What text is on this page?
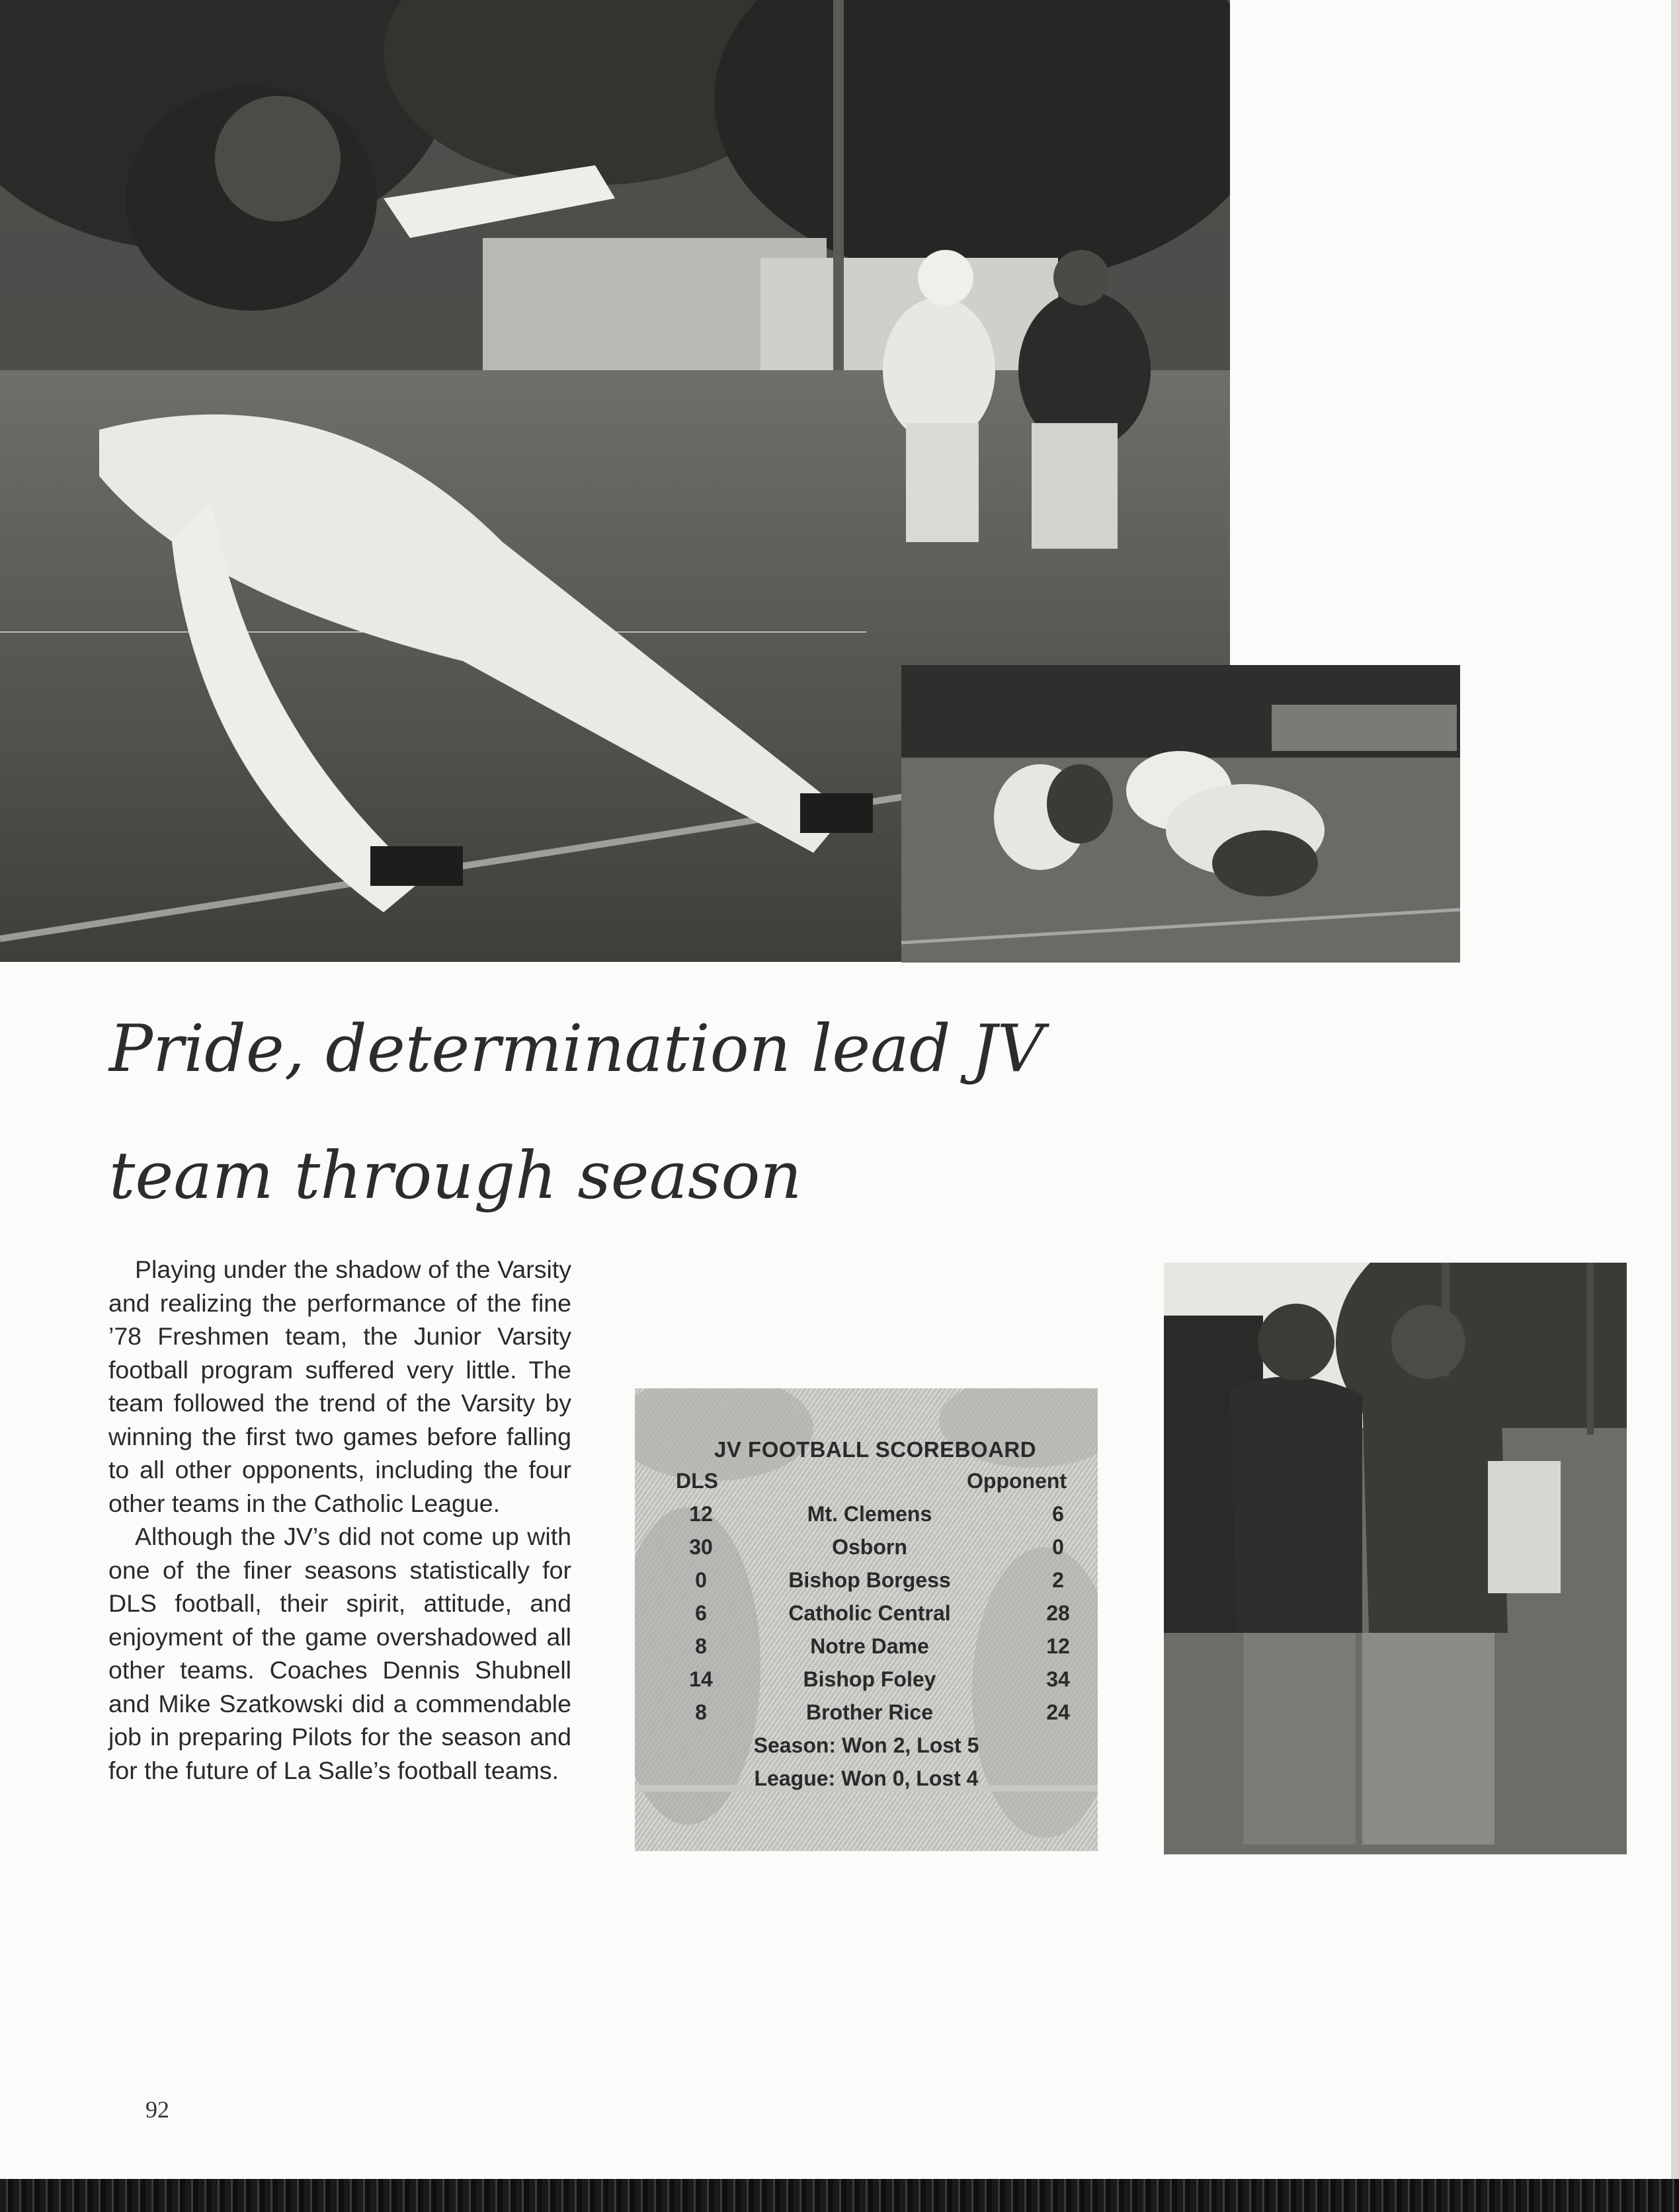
Pride, determination lead JV
team through season

Playing under the shadow of the Varsity and realizing the performance of the fine ’78 Freshmen team, the Junior Varsity football program suffered very little. The team followed the trend of the Varsity by winning the first two games before falling to all other opponents, including the four other teams in the Catholic League.

Although the JV’s did not come up with one of the finer seasons statistically for DLS football, their spirit, attitude, and enjoyment of the game overshadowed all other teams. Coaches Dennis Shubnell and Mike Szatkowski did a commendable job in preparing Pilots for the season and for the future of La Salle’s football teams.

JV FOOTBALL SCOREBOARD
DLS	Opponent
12	Mt. Clemens	6
30	Osborn	0
0	Bishop Borgess	2
6	Catholic Central	28
8	Notre Dame	12
14	Bishop Foley	34
8	Brother Rice	24
Season: Won 2, Lost 5
League: Won 0, Lost 4
92
